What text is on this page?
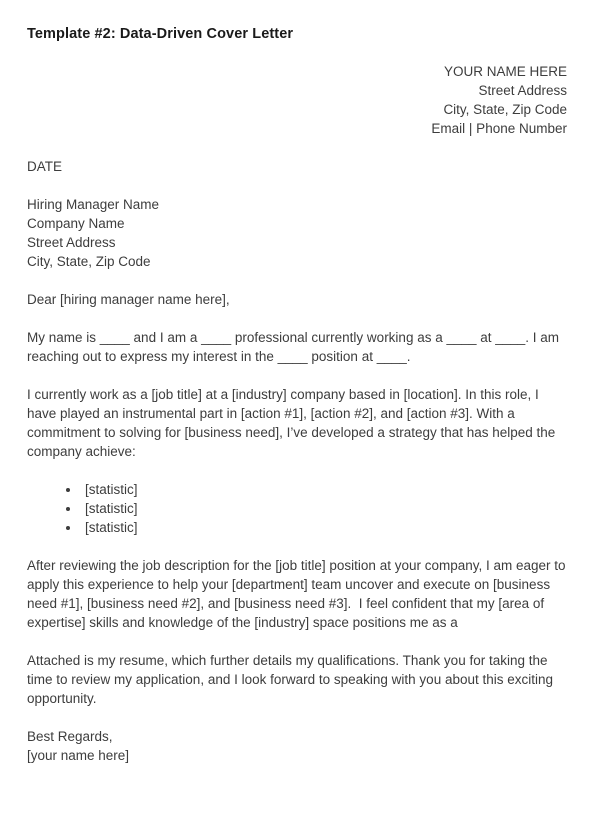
Template #2: Data-Driven Cover Letter
YOUR NAME HERE
Street Address
City, State, Zip Code
Email | Phone Number
DATE
Hiring Manager Name
Company Name
Street Address
City, State, Zip Code

Dear [hiring manager name here],

My name is ____ and I am a ____ professional currently working as a ____ at ____. I am reaching out to express my interest in the ____ position at ____.

I currently work as a [job title] at a [industry] company based in [location]. In this role, I have played an instrumental part in [action #1], [action #2], and [action #3]. With a commitment to solving for [business need], I’ve developed a strategy that has helped the company achieve:

• [statistic]
• [statistic]
• [statistic]

After reviewing the job description for the [job title] position at your company, I am eager to apply this experience to help your [department] team uncover and execute on [business need #1], [business need #2], and [business need #3].  I feel confident that my [area of expertise] skills and knowledge of the [industry] space positions me as a

Attached is my resume, which further details my qualifications. Thank you for taking the time to review my application, and I look forward to speaking with you about this exciting opportunity.

Best Regards,
[your name here]
